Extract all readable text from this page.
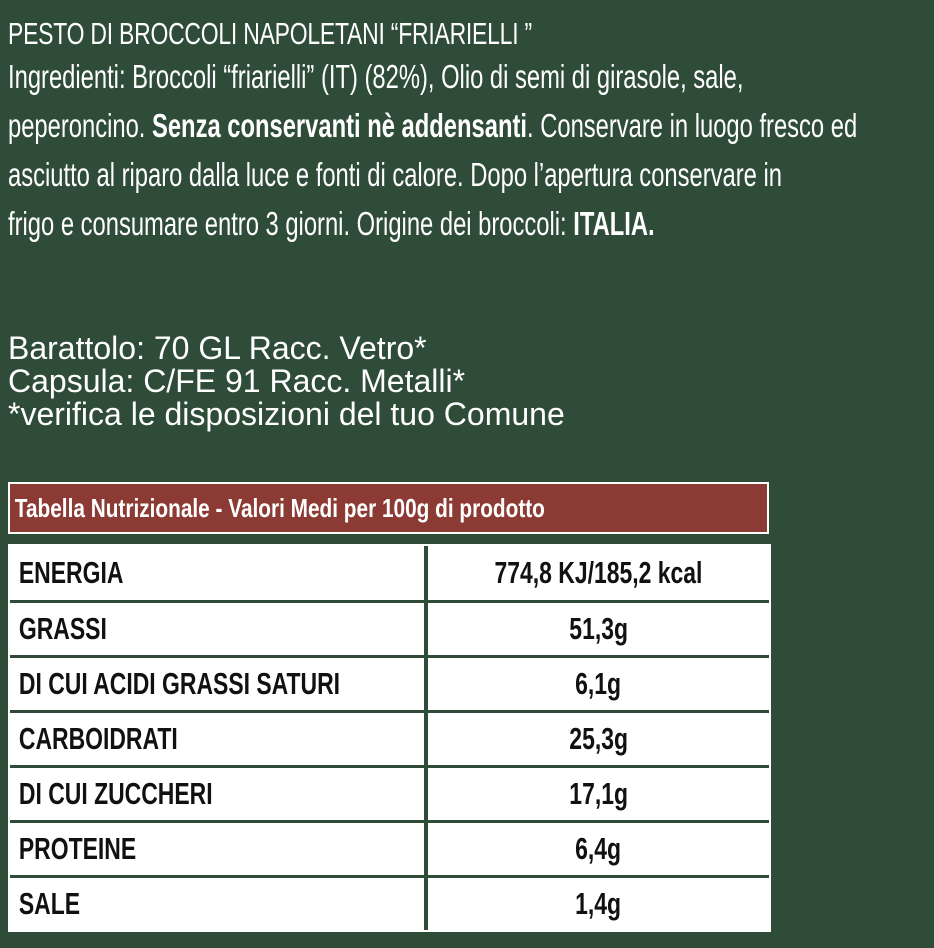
PESTO DI BROCCOLI NAPOLETANI “FRIARIELLI ”
Ingredienti: Broccoli “friarielli” (IT) (82%), Olio di semi di girasole, sale,
peperoncino. Senza conservanti nè addensanti. Conservare in luogo fresco ed
asciutto al riparo dalla luce e fonti di calore. Dopo l’apertura conservare in
frigo e consumare entro 3 giorni. Origine dei broccoli: ITALIA.
Barattolo: 70 GL Racc. Vetro*
Capsula: C/FE 91 Racc. Metalli*
*verifica le disposizioni del tuo Comune
Tabella Nutrizionale - Valori Medi per 100g di prodotto
ENERGIA	774,8 KJ/185,2 kcal
GRASSI	51,3g
DI CUI ACIDI GRASSI SATURI	6,1g
CARBOIDRATI	25,3g
DI CUI ZUCCHERI	17,1g
PROTEINE	6,4g
SALE	1,4g
